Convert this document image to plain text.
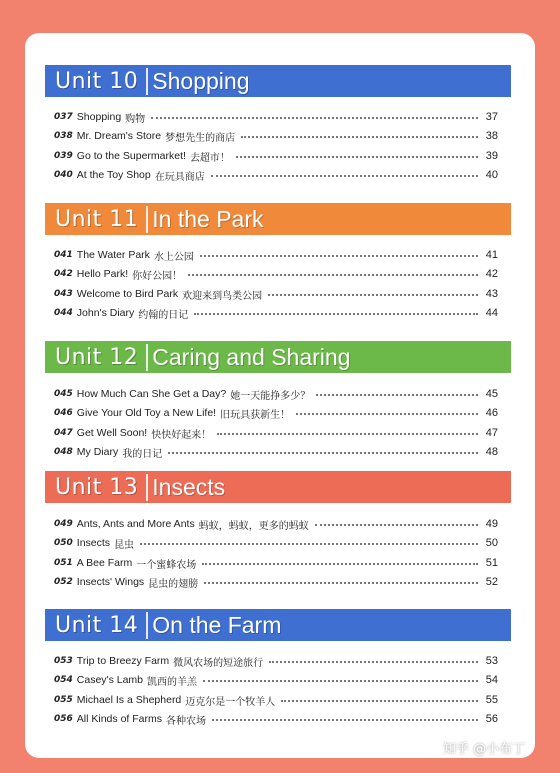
Unit 10 Shopping
037 Shopping 购物	37
038 Mr. Dream's Store 梦想先生的商店	38
039 Go to the Supermarket! 去超市！	39
040 At the Toy Shop 在玩具商店	40
Unit 11 In the Park
041 The Water Park 水上公园	41
042 Hello Park! 你好公园！	42
043 Welcome to Bird Park 欢迎来到鸟类公园	43
044 John's Diary 约翰的日记	44
Unit 12 Caring and Sharing
045 How Much Can She Get a Day? 她一天能挣多少？	45
046 Give Your Old Toy a New Life! 旧玩具获新生！	46
047 Get Well Soon! 快快好起来！	47
048 My Diary 我的日记	48
Unit 13 Insects
049 Ants, Ants and More Ants 蚂蚁，蚂蚁，更多的蚂蚁	49
050 Insects 昆虫	50
051 A Bee Farm 一个蜜蜂农场	51
052 Insects' Wings 昆虫的翅膀	52
Unit 14 On the Farm
053 Trip to Breezy Farm 微风农场的短途旅行	53
054 Casey's Lamb 凯西的羊羔	54
055 Michael Is a Shepherd 迈克尔是一个牧羊人	55
056 All Kinds of Farms 各种农场	56
知乎 @小布丁
